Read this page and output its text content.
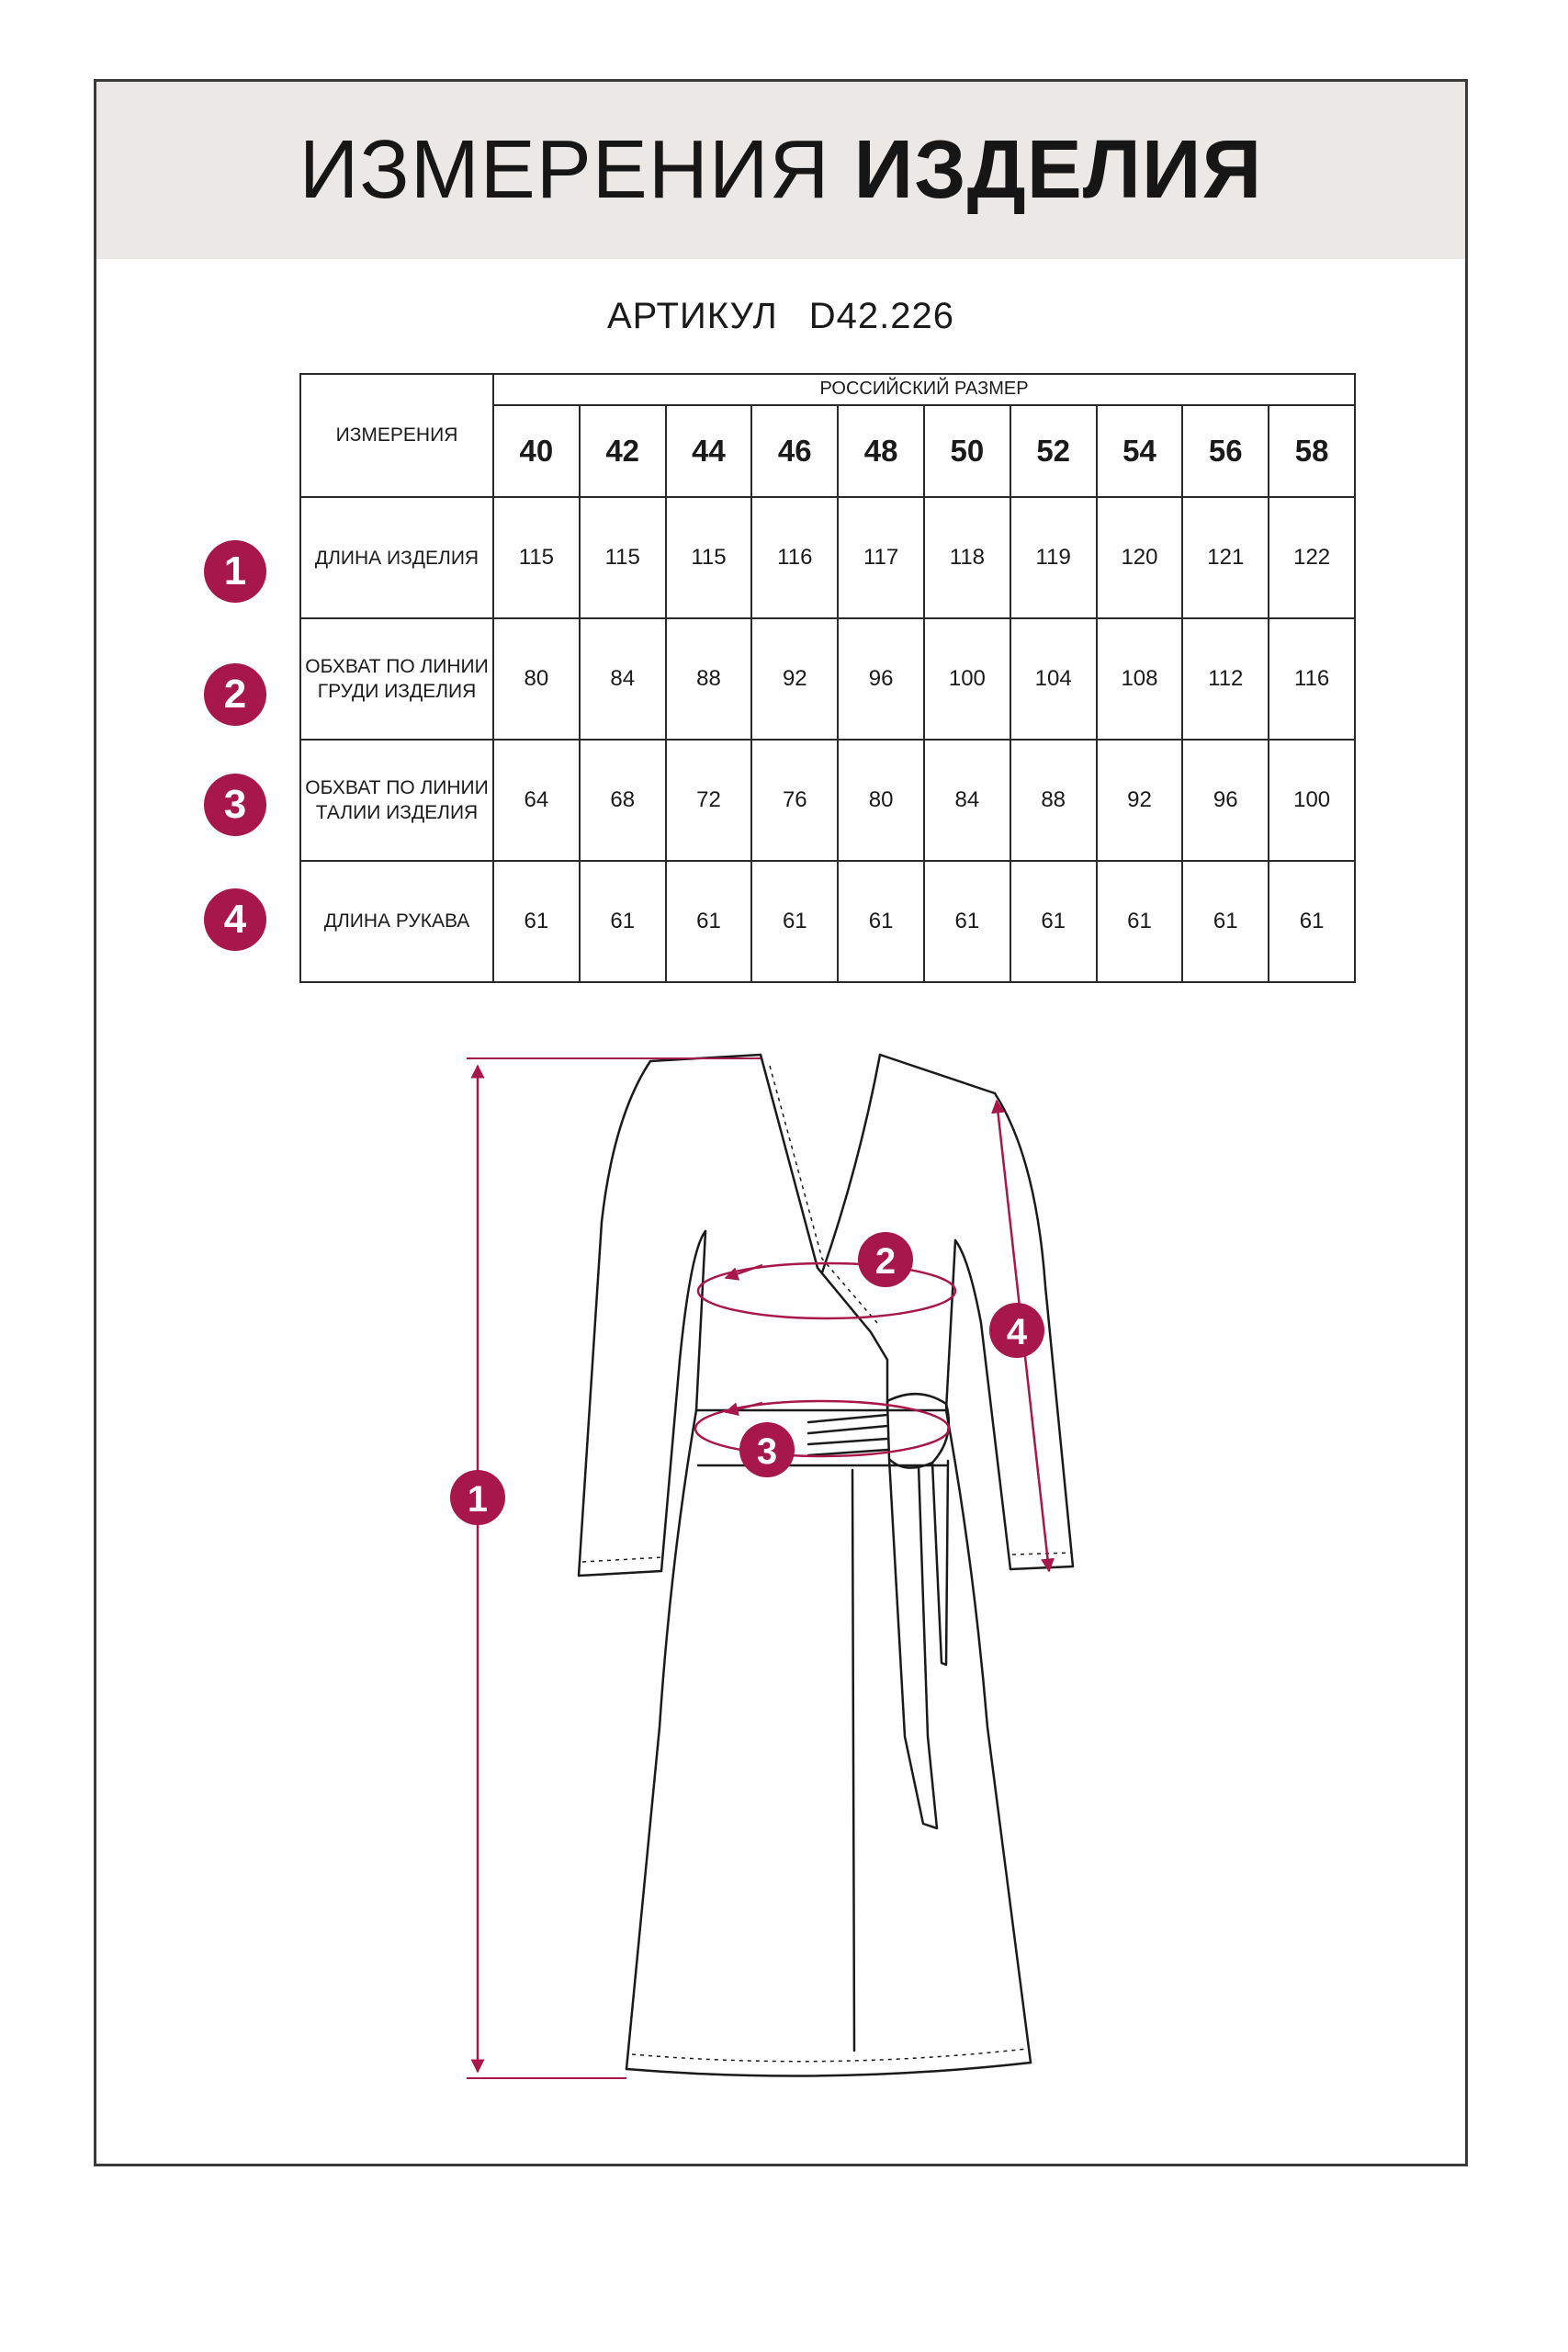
ИЗМЕРЕНИЯ ИЗДЕЛИЯ
АРТИКУЛ D42.226
ИЗМЕРЕНИЯ	РОССИЙСКИЙ РАЗМЕР									
	40	42	44	46	48	50	52	54	56	58
ДЛИНА ИЗДЕЛИЯ	115	115	115	116	117	118	119	120	121	122
ОБХВАТ ПО ЛИНИИ ГРУДИ ИЗДЕЛИЯ	80	84	88	92	96	100	104	108	112	116
ОБХВАТ ПО ЛИНИИ ТАЛИИ ИЗДЕЛИЯ	64	68	72	76	80	84	88	92	96	100
ДЛИНА РУКАВА	61	61	61	61	61	61	61	61	61	61
1
2
3
4
1
2
3
4
